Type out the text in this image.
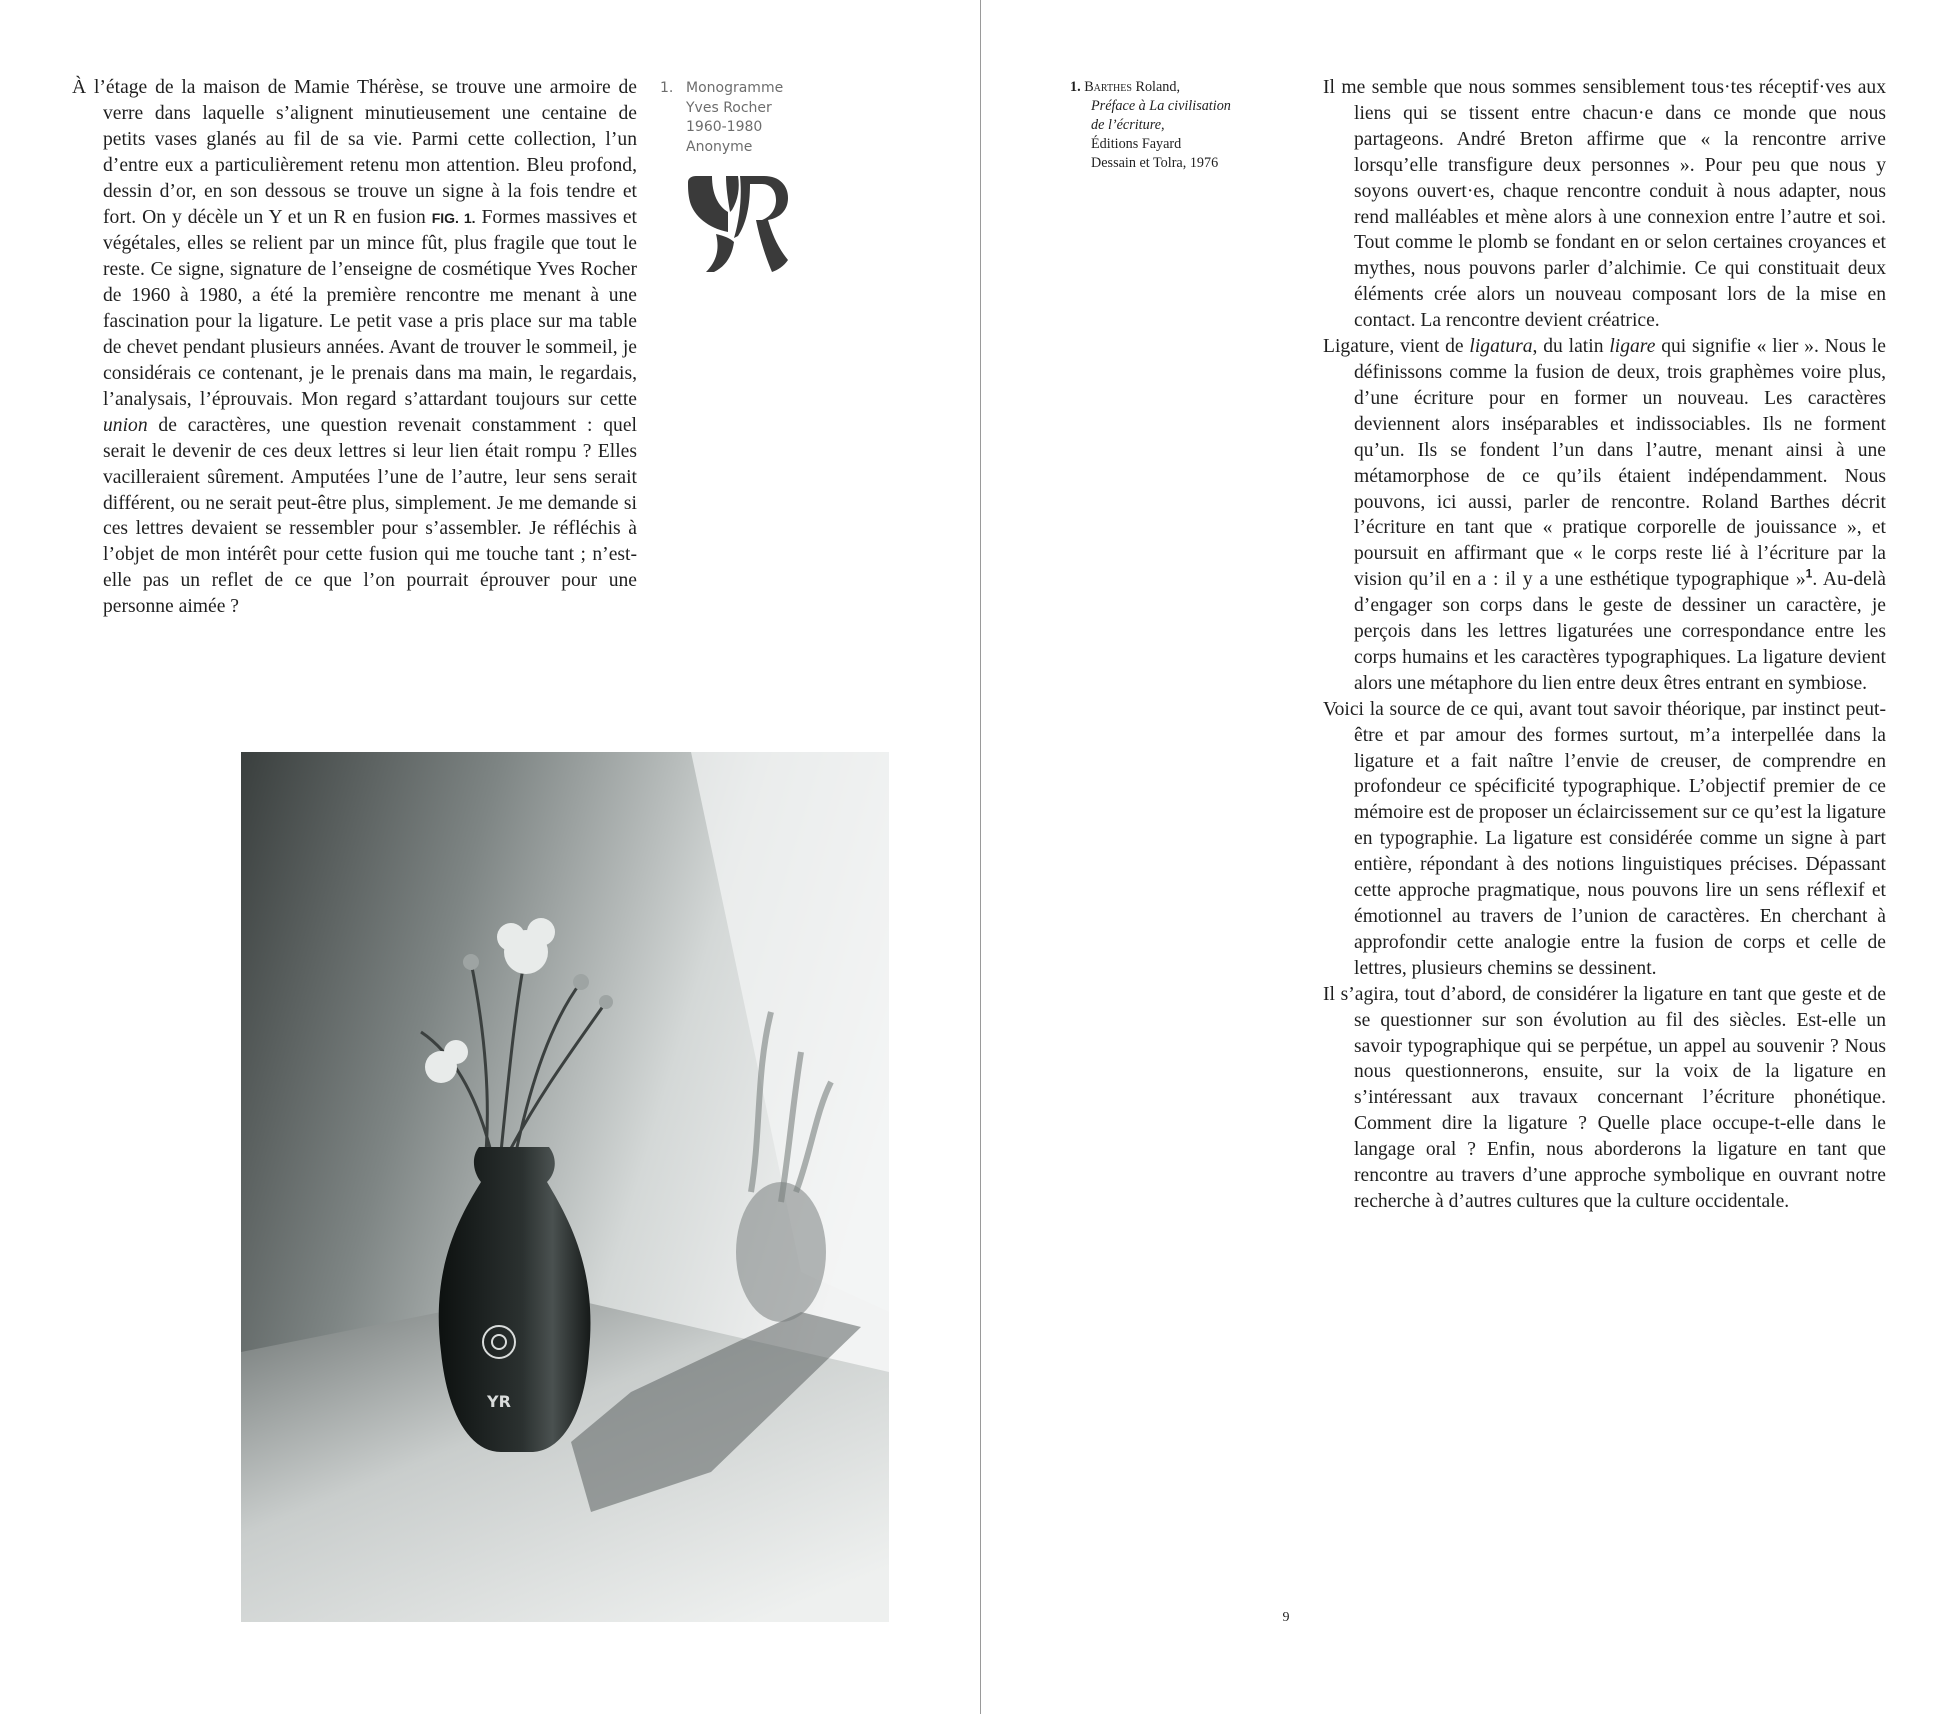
À l’étage de la maison de Mamie Thérèse, se trouve une armoire de verre dans laquelle s’alignent minutieusement une centaine de petits vases glanés au fil de sa vie. Parmi cette collection, l’un d’entre eux a particulièrement retenu mon attention. Bleu profond, dessin d’or, en son dessous se trouve un signe à la fois tendre et fort. On y décèle un Y et un R en fusion FIG. 1. Formes massives et végétales, elles se relient par un mince fût, plus fragile que tout le reste. Ce signe, signature de l’enseigne de cosmétique Yves Rocher de 1960 à 1980, a été la première rencontre me menant à une fascination pour la ligature. Le petit vase a pris place sur ma table de chevet pendant plusieurs années. Avant de trouver le sommeil, je considérais ce contenant, je le prenais dans ma main, le regardais, l’analysais, l’éprouvais. Mon regard s’attardant toujours sur cette union de caractères, une question revenait constamment : quel serait le devenir de ces deux lettres si leur lien était rompu ? Elles vacilleraient sûrement. Amputées l’une de l’autre, leur sens serait différent, ou ne serait peut-être plus, simplement. Je me demande si ces lettres devaient se ressembler pour s’assembler. Je réfléchis à l’objet de mon intérêt pour cette fusion qui me touche tant ; n’est-elle pas un reflet de ce que l’on pourrait éprouver pour une personne aimée ?

1. Monogramme
Yves Rocher
1960-1980
Anonyme
YR
1. Barthes Roland,
Préface à La civilisation
de l’écriture,
Éditions Fayard
Dessain et Tolra, 1976

Il me semble que nous sommes sensiblement tous·tes réceptif·ves aux liens qui se tissent entre chacun·e dans ce monde que nous partageons. André Breton affirme que « la rencontre arrive lorsqu’elle transfigure deux personnes ». Pour peu que nous y soyons ouvert·es, chaque rencontre conduit à nous adapter, nous rend malléables et mène alors à une connexion entre l’autre et soi. Tout comme le plomb se fondant en or selon certaines croyances et mythes, nous pouvons parler d’alchimie. Ce qui constituait deux éléments crée alors un nouveau composant lors de la mise en contact. La rencontre devient créatrice.

Ligature, vient de ligatura, du latin ligare qui signifie « lier ». Nous le définissons comme la fusion de deux, trois graphèmes voire plus, d’une écriture pour en former un nouveau. Les caractères deviennent alors inséparables et indissociables. Ils ne forment qu’un. Ils se fondent l’un dans l’autre, menant ainsi à une métamorphose de ce qu’ils étaient indépendamment. Nous pouvons, ici aussi, parler de rencontre. Roland Barthes décrit l’écriture en tant que « pratique corporelle de jouissance », et poursuit en affirmant que « le corps reste lié à l’écriture par la vision qu’il en a : il y a une esthétique typographique »$^1$. Au-delà d’engager son corps dans le geste de dessiner un caractère, je perçois dans les lettres ligaturées une correspondance entre les corps humains et les caractères typographiques. La ligature devient alors une métaphore du lien entre deux êtres entrant en symbiose.

Voici la source de ce qui, avant tout savoir théorique, par instinct peut-être et par amour des formes surtout, m’a interpellée dans la ligature et a fait naître l’envie de creuser, de comprendre en profondeur ce spécificité typographique. L’objectif premier de ce mémoire est de proposer un éclaircissement sur ce qu’est la ligature en typographie. La ligature est considérée comme un signe à part entière, répondant à des notions linguistiques précises. Dépassant cette approche pragmatique, nous pouvons lire un sens réflexif et émotionnel au travers de l’union de caractères. En cherchant à approfondir cette analogie entre la fusion de corps et celle de lettres, plusieurs chemins se dessinent.

Il s’agira, tout d’abord, de considérer la ligature en tant que geste et de se questionner sur son évolution au fil des siècles. Est-elle un savoir typographique qui se perpétue, un appel au souvenir ? Nous nous questionnerons, ensuite, sur la voix de la ligature en s’intéressant aux travaux concernant l’écriture phonétique. Comment dire la ligature ? Quelle place occupe-t-elle dans le langage oral ? Enfin, nous aborderons la ligature en tant que rencontre au travers d’une approche symbolique en ouvrant notre recherche à d’autres cultures que la culture occidentale.

9
